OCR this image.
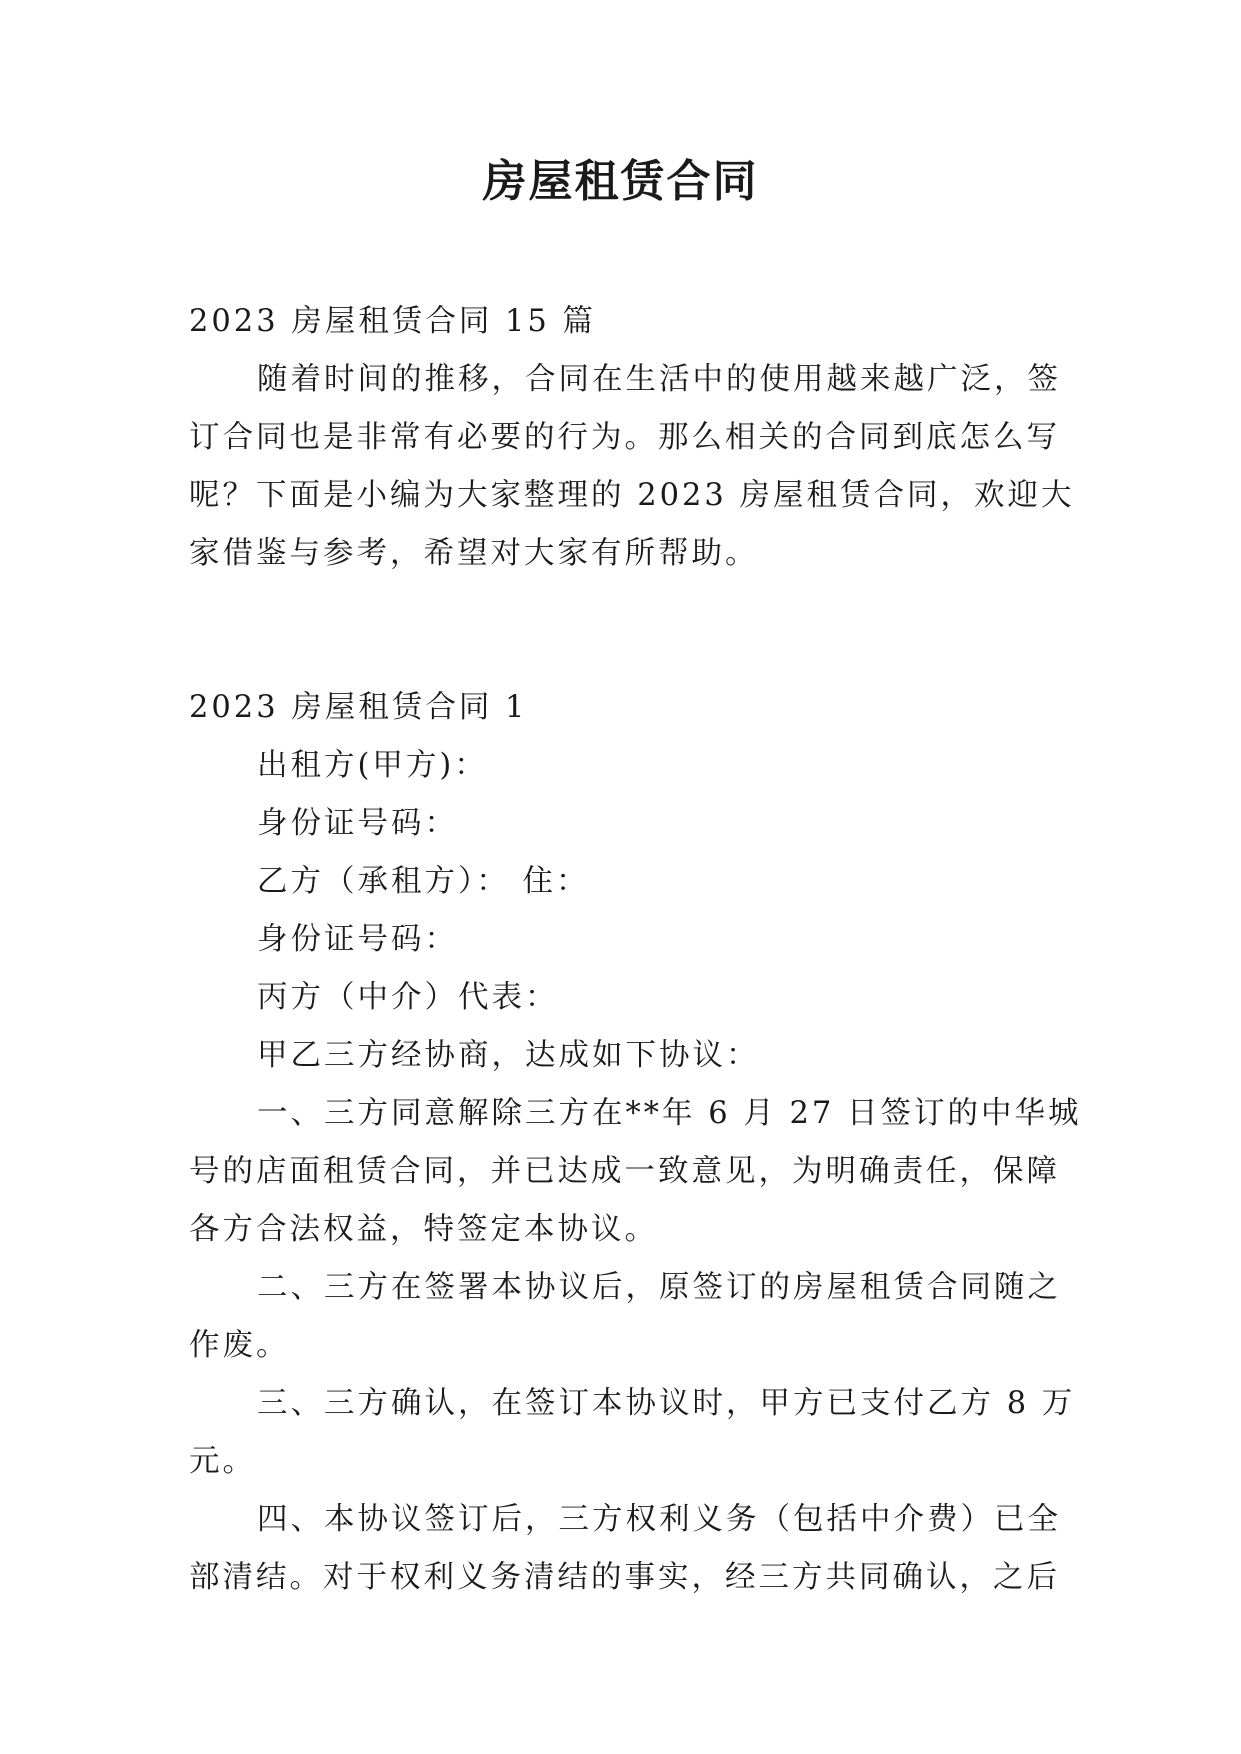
房屋租赁合同

2023 房屋租赁合同 15 篇

随着时间的推移，合同在生活中的使用越来越广泛，签

订合同也是非常有必要的行为。那么相关的合同到底怎么写

呢？下面是小编为大家整理的 2023 房屋租赁合同，欢迎大

家借鉴与参考，希望对大家有所帮助。

2023 房屋租赁合同 1

出租方(甲方)：

身份证号码：

乙方（承租方）： 住：

身份证号码：

丙方（中介）代表：

甲乙三方经协商，达成如下协议：

一、三方同意解除三方在**年 6 月 27 日签订的中华城

号的店面租赁合同，并已达成一致意见，为明确责任，保障

各方合法权益，特签定本协议。

二、三方在签署本协议后，原签订的房屋租赁合同随之

作废。

三、三方确认，在签订本协议时，甲方已支付乙方 8 万

元。

四、本协议签订后，三方权利义务（包括中介费）已全

部清结。对于权利义务清结的事实，经三方共同确认，之后
